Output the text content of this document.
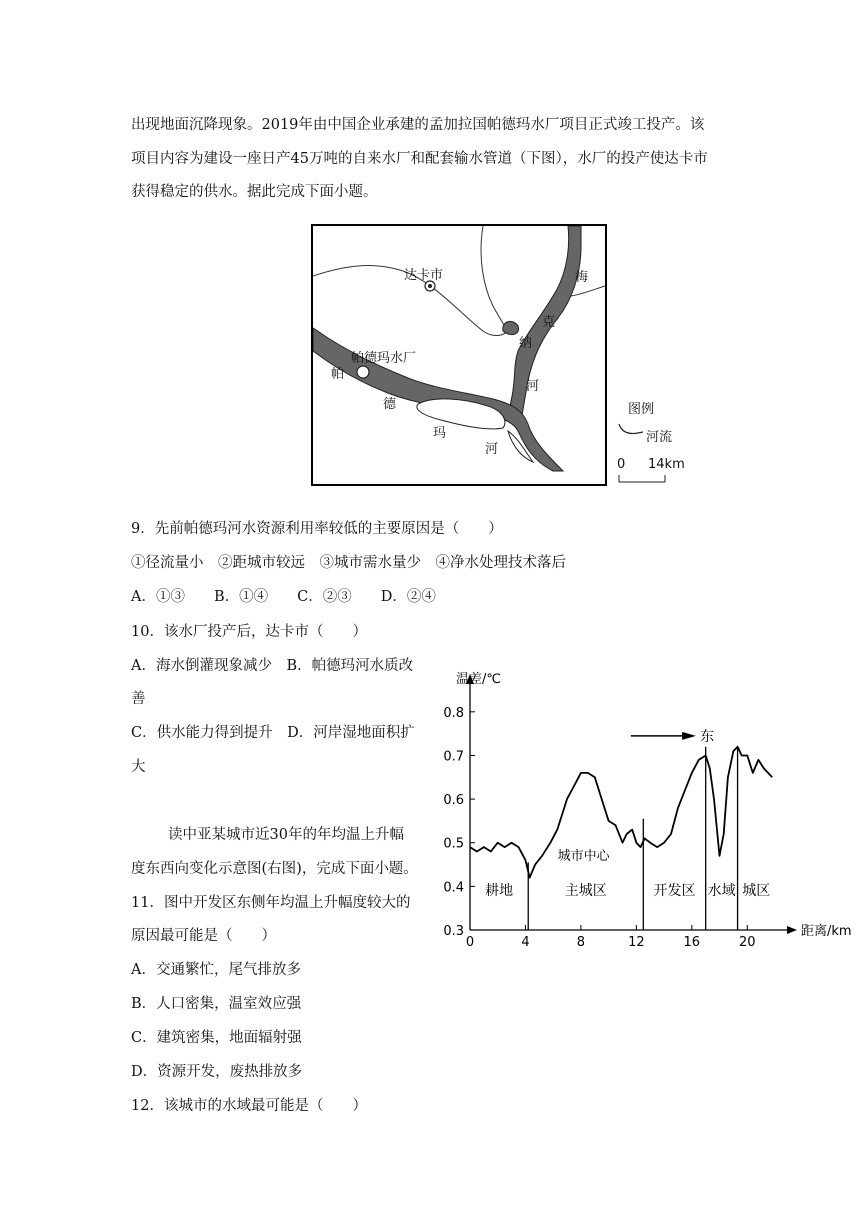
出现地面沉降现象。2019年由中国企业承建的孟加拉国帕德玛水厂项目正式竣工投产。该
项目内容为建设一座日产45万吨的自来水厂和配套输水管道（下图），水厂的投产使达卡市
获得稳定的供水。据此完成下面小题。
达卡市
帕德玛水厂
梅
克
纳
河
帕
德
玛
河
图例
河流
0 14km
9．先前帕德玛河水资源利用率较低的主要原因是（　　）
①径流量小　②距城市较远　③城市需水量少　④净水处理技术落后
A．①③　　B．①④　　C．②③　　D．②④
10．该水厂投产后，达卡市（　　）
A．海水倒灌现象减少　B．帕德玛河水质改
善
C．供水能力得到提升　D．河岸湿地面积扩
大
读中亚某城市近30年的年均温上升幅
度东西向变化示意图(右图)，完成下面小题。
11．图中开发区东侧年均温上升幅度较大的
原因最可能是（　　）
A．交通繁忙，尾气排放多
B．人口密集，温室效应强
C．建筑密集，地面辐射强
D．资源开发，废热排放多
12．该城市的水域最可能是（　　）
温差/℃
距离/km
0.3
0.4
0.5
0.6
0.7
0.8
0	4	8	12	16	20
耕地	主城区	开发区 水域 城区
城市中心
东
